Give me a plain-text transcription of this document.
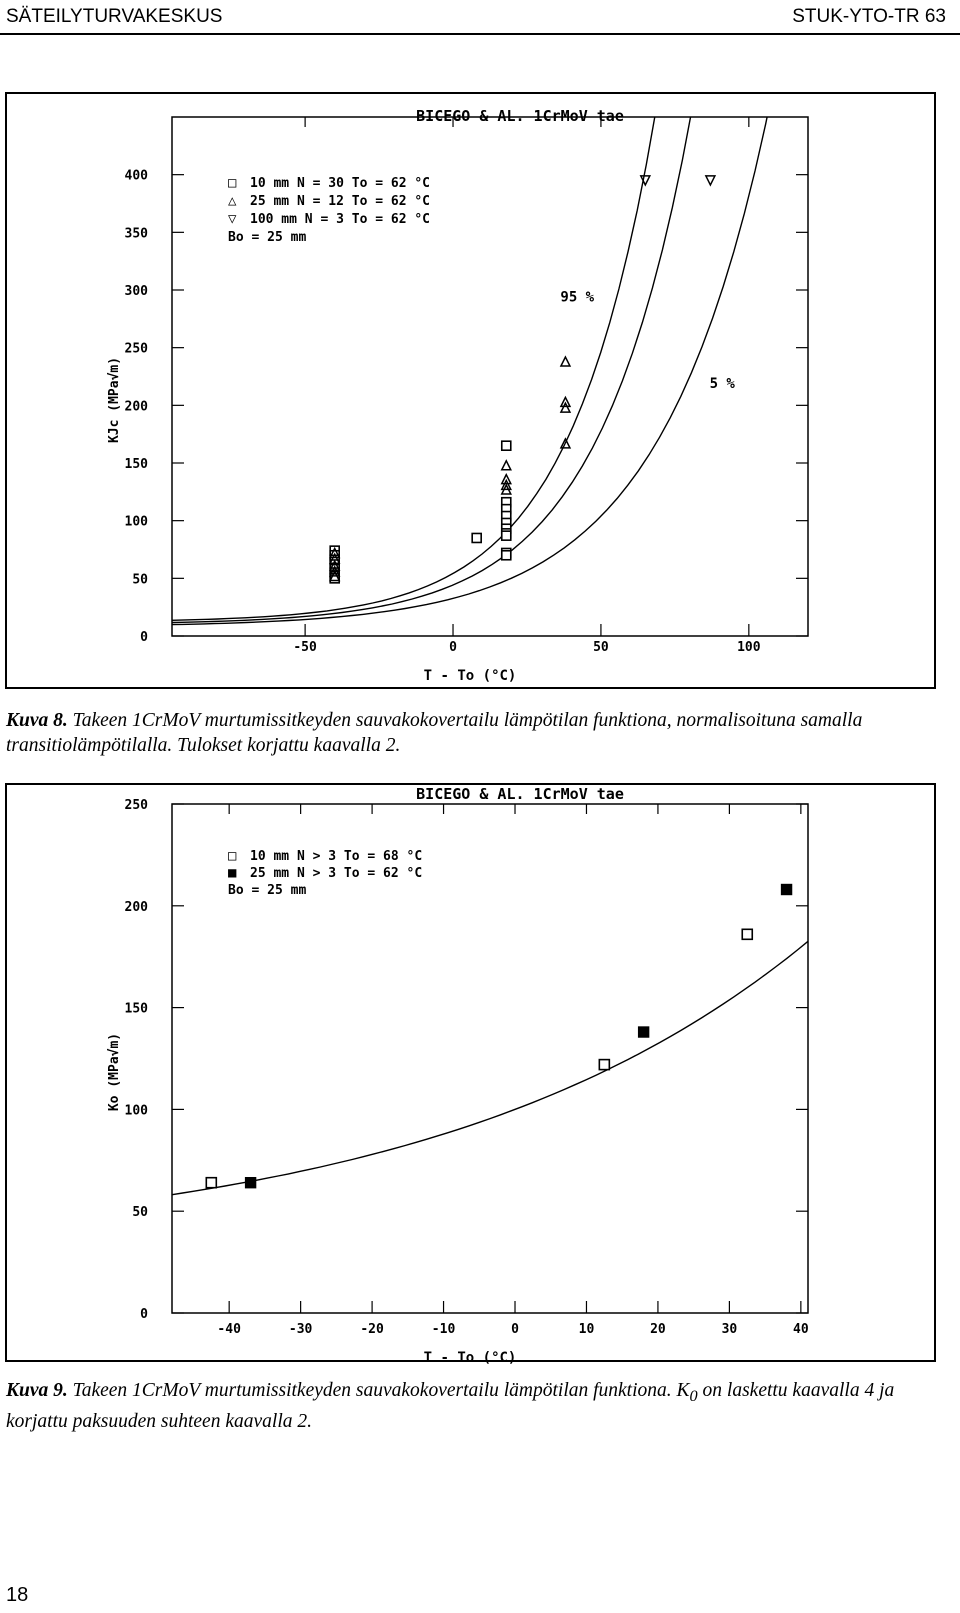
SÄTEILYTURVAKESKUS	STUK-YTO-TR 63
BICEGO & AL. 1CrMoV tae
-50	0	50	100
0
50
100
150
200
250
300
350
400
T - To (°C)
KJc (MPa√m)
95 %
5 %
□ 10 mm N = 30 To = 62 °C
△ 25 mm N = 12 To = 62 °C
▽ 100 mm N = 3 To = 62 °C
Bo = 25 mm
BICEGO & AL. 1CrMoV tae
-40	-30	-20	-10	0	10	20	30	40
0
50
100
150
200
250
T - To (°C)
Ko (MPa√m)
□ 10 mm N > 3 To = 68 °C
■ 25 mm N > 3 To = 62 °C
Bo = 25 mm
Kuva 8. Takeen 1CrMoV murtumissitkeyden sauvakokovertailu lämpötilan funktiona, normalisoituna samalla transitiolämpötilalla. Tulokset korjattu kaavalla 2.
Kuva 9. Takeen 1CrMoV murtumissitkeyden sauvakokovertailu lämpötilan funktiona. $K_0$ on laskettu kaavalla 4 ja korjattu paksuuden suhteen kaavalla 2.
18
